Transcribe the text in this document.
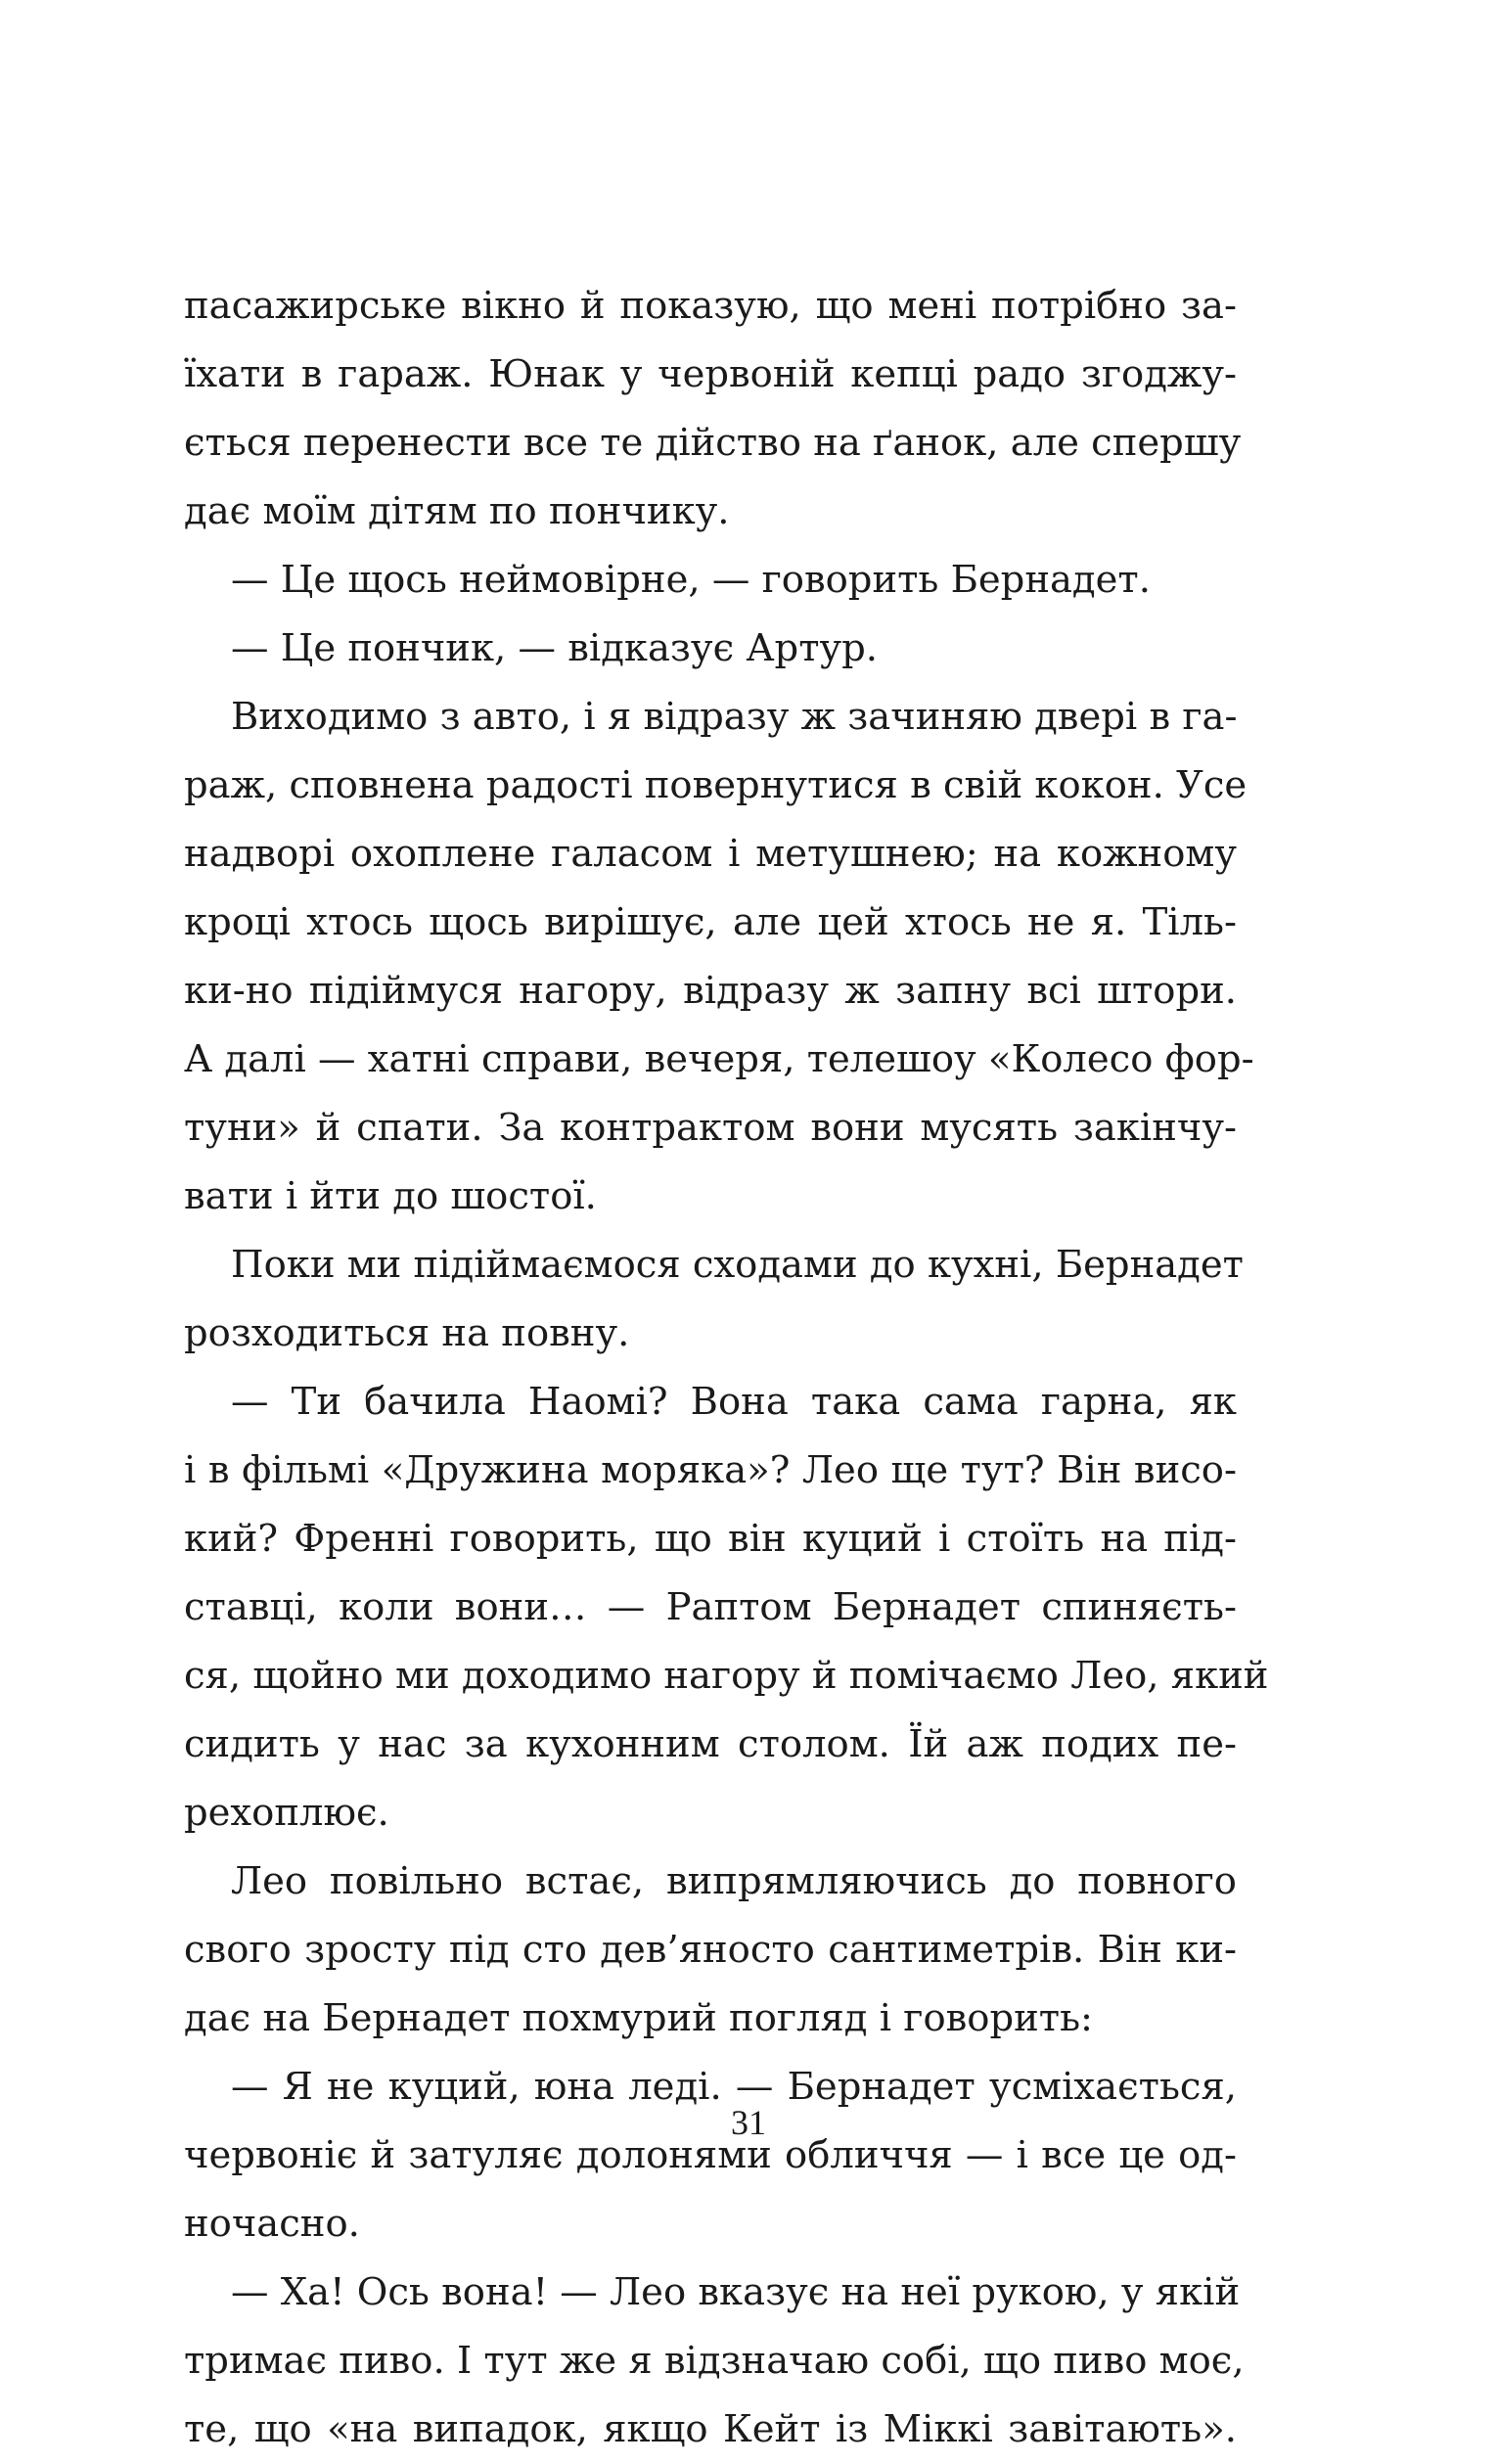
пасажирське вікно й показую, що мені потрібно за-
їхати в гараж. Юнак у червоній кепці радо згоджу-
ється перенести все те дійство на ґанок, але спершу
дає моїм дітям по пончику.
— Це щось неймовірне, — говорить Бернадет.
— Це пончик, — відказує Артур.
Виходимо з авто, і я відразу ж зачиняю двері в га-
раж, сповнена радості повернутися в свій кокон. Усе
надворі охоплене галасом і метушнею; на кожному
кроці хтось щось вирішує, але цей хтось не я. Тіль-
ки-но підіймуся нагору, відразу ж запну всі штори.
А далі — хатні справи, вечеря, телешоу «Колесо фор-
туни» й спати. За контрактом вони мусять закінчу-
вати і йти до шостої.
Поки ми підіймаємося сходами до кухні, Бернадет
розходиться на повну.
— Ти бачила Наомі? Вона така сама гарна, як
і в фільмі «Дружина моряка»? Лео ще тут? Він висо-
кий? Френні говорить, що він куций і стоїть на під-
ставці, коли вони… — Раптом Бернадет спиняєть-
ся, щойно ми доходимо нагору й помічаємо Лео, який
сидить у нас за кухонним столом. Їй аж подих пе-
рехоплює.
Лео повільно встає, випрямляючись до повного
свого зросту під сто дев’яносто сантиметрів. Він ки-
дає на Бернадет похмурий погляд і говорить:
— Я не куций, юна леді. — Бернадет усміхається,
червоніє й затуляє долонями обличчя — і все це од-
ночасно.
— Ха! Ось вона! — Лео вказує на неї рукою, у якій
тримає пиво. І тут же я відзначаю собі, що пиво моє,
те, що «на випадок, якщо Кейт із Міккі завітають».
31
